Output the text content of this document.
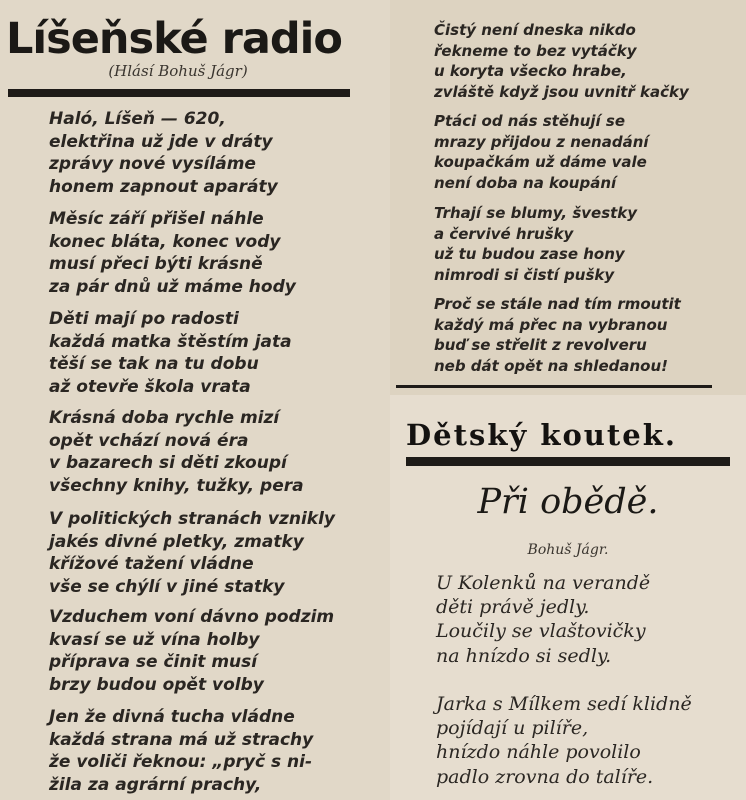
Líšeňské radio
(Hlásí Bohuš Jágr)
Haló, Líšeň — 620,
elektřina už jde v dráty
zprávy nové vysíláme
honem zapnout aparáty
Měsíc září přišel náhle
konec bláta, konec vody
musí přeci býti krásně
za pár dnů už máme hody
Děti mají po radosti
každá matka štěstím jata
těší se tak na tu dobu
až otevře škola vrata
Krásná doba rychle mizí
opět vchází nová éra
v bazarech si děti zkoupí
všechny knihy, tužky, pera
V politických stranách vznikly
jakés divné pletky, zmatky
křížové tažení vládne
vše se chýlí v jiné statky
Vzduchem voní dávno podzim
kvasí se už vína holby
příprava se činit musí
brzy budou opět volby
Jen že divná tucha vládne
každá strana má už strachy
že voliči řeknou: „pryč s ni-
žila za agrární prachy,
Čistý není dneska nikdo
řekneme to bez vytáčky
u koryta všecko hrabe,
zvláště když jsou uvnitř kačky
Ptáci od nás stěhují se
mrazy přijdou z nenadání
koupačkám už dáme vale
není doba na koupání
Trhají se blumy, švestky
a červivé hrušky
už tu budou zase hony
nimrodi si čistí pušky
Proč se stále nad tím rmoutit
každý má přec na vybranou
buď se střelit z revolveru
neb dát opět na shledanou!
Dětský koutek.
Při obědě.
Bohuš Jágr.
U Kolenků na verandě
děti právě jedly.
Loučily se vlaštovičky
na hnízdo si sedly.
Jarka s Mílkem sedí klidně
pojídají u pilíře,
hnízdo náhle povolilo
padlo zrovna do talíře.
